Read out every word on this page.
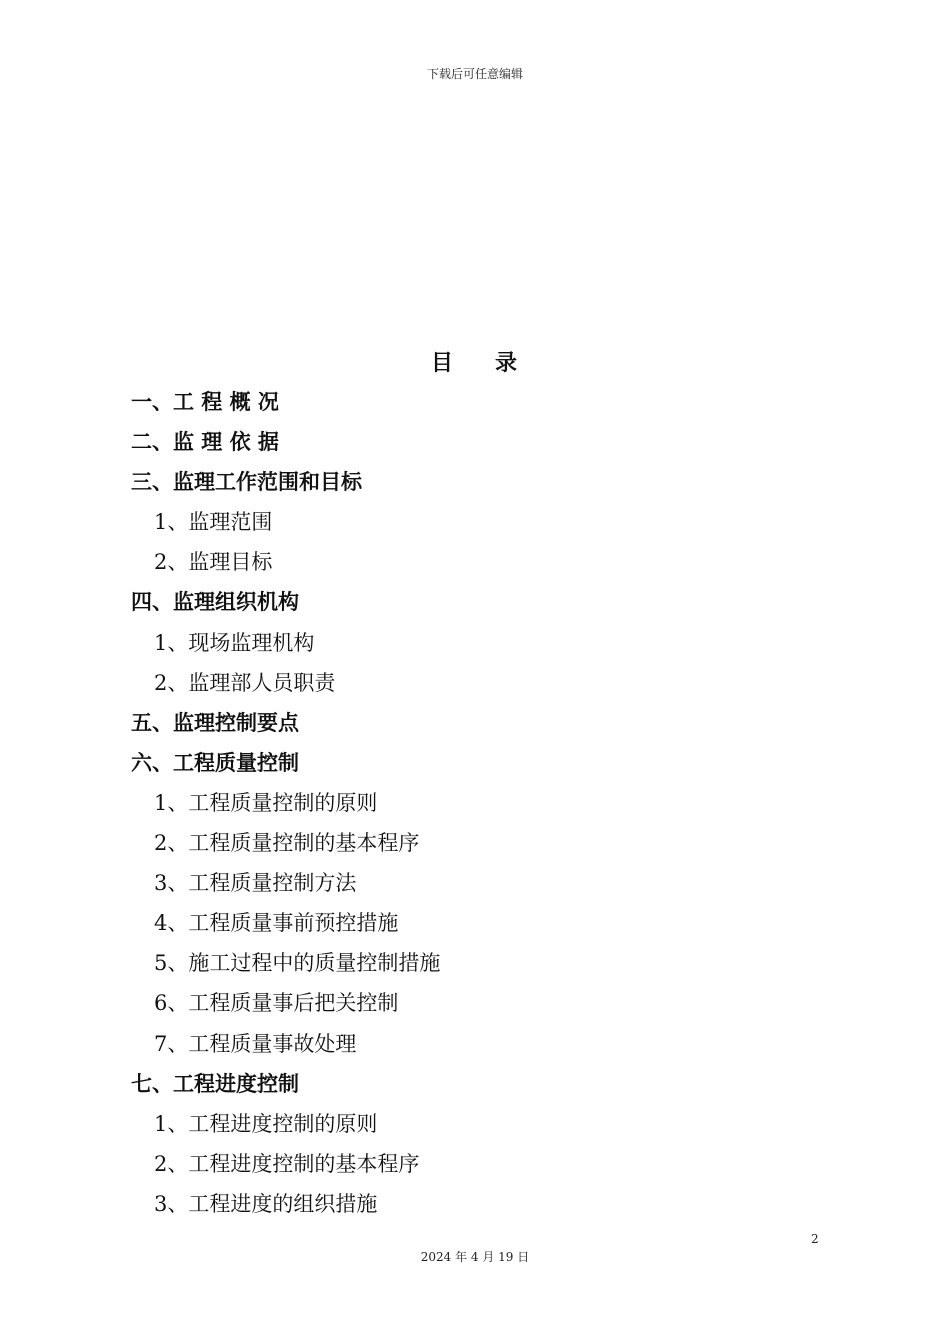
下载后可任意编辑
目 录
一、工 程 概 况
二、监 理 依 据
三、监理工作范围和目标
1、监理范围
2、监理目标
四、监理组织机构
1、现场监理机构
2、监理部人员职责
五、监理控制要点
六、工程质量控制
1、工程质量控制的原则
2、工程质量控制的基本程序
3、工程质量控制方法
4、工程质量事前预控措施
5、施工过程中的质量控制措施
6、工程质量事后把关控制
7、工程质量事故处理
七、工程进度控制
1、工程进度控制的原则
2、工程进度控制的基本程序
3、工程进度的组织措施
2
2024 年 4 月 19 日
